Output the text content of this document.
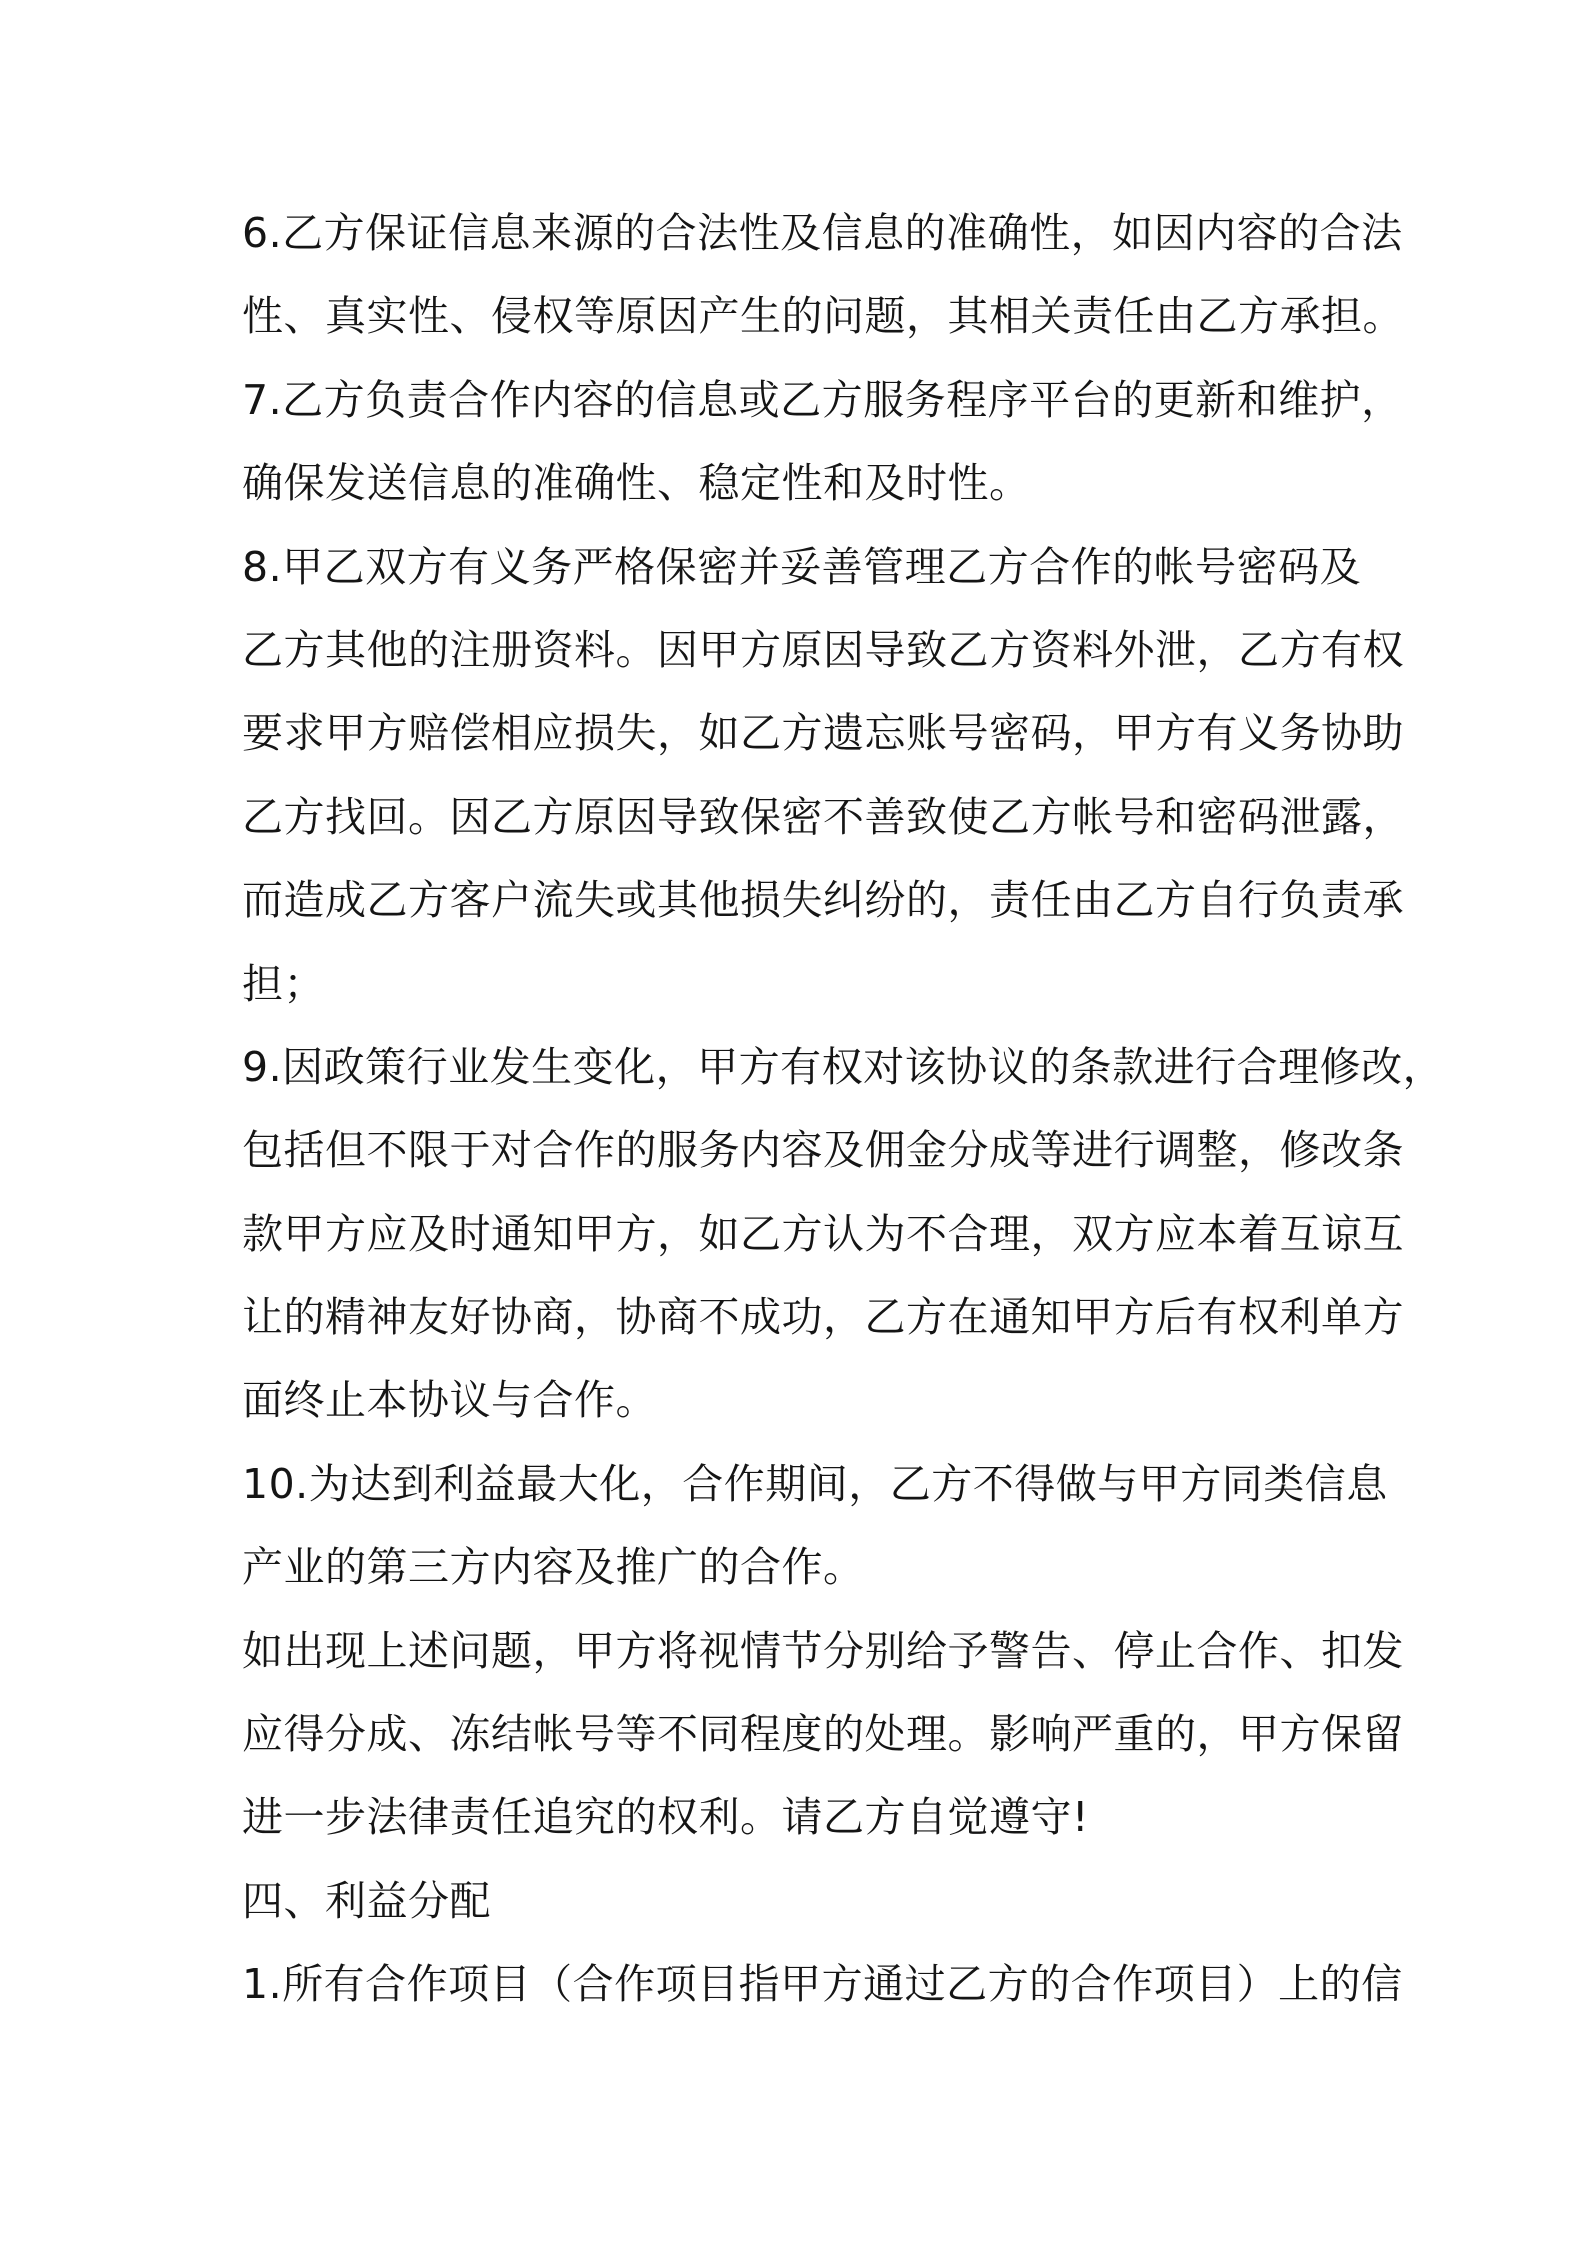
6.乙方保证信息来源的合法性及信息的准确性，如因内容的合法
性、真实性、侵权等原因产生的问题，其相关责任由乙方承担。
7.乙方负责合作内容的信息或乙方服务程序平台的更新和维护，
确保发送信息的准确性、稳定性和及时性。
8.甲乙双方有义务严格保密并妥善管理乙方合作的帐号密码及
乙方其他的注册资料。因甲方原因导致乙方资料外泄，乙方有权
要求甲方赔偿相应损失，如乙方遗忘账号密码，甲方有义务协助
乙方找回。因乙方原因导致保密不善致使乙方帐号和密码泄露，
而造成乙方客户流失或其他损失纠纷的，责任由乙方自行负责承
担；
9.因政策行业发生变化，甲方有权对该协议的条款进行合理修改，
包括但不限于对合作的服务内容及佣金分成等进行调整，修改条
款甲方应及时通知甲方，如乙方认为不合理，双方应本着互谅互
让的精神友好协商，协商不成功，乙方在通知甲方后有权利单方
面终止本协议与合作。
10.为达到利益最大化，合作期间，乙方不得做与甲方同类信息
产业的第三方内容及推广的合作。
如出现上述问题，甲方将视情节分别给予警告、停止合作、扣发
应得分成、冻结帐号等不同程度的处理。影响严重的，甲方保留
进一步法律责任追究的权利。请乙方自觉遵守!
四、利益分配
1.所有合作项目（合作项目指甲方通过乙方的合作项目）上的信
